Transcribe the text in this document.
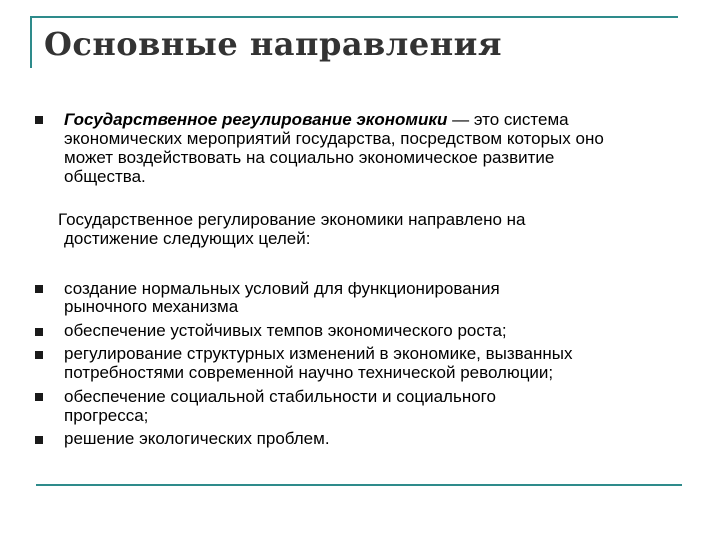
Основные направления
Государственное регулирование экономики — это система
экономических мероприятий государства, посредством которых оно
может воздействовать на социально экономическое развитие
общества.
Государственное регулирование экономики направлено на
достижение следующих целей:
создание нормальных условий для функционирования
рыночного механизма
обеспечение устойчивых темпов экономического роста;
регулирование структурных изменений в экономике, вызванных
потребностями современной научно технической революции;
обеспечение социальной стабильности и социального
прогресса;
решение экологических проблем.
